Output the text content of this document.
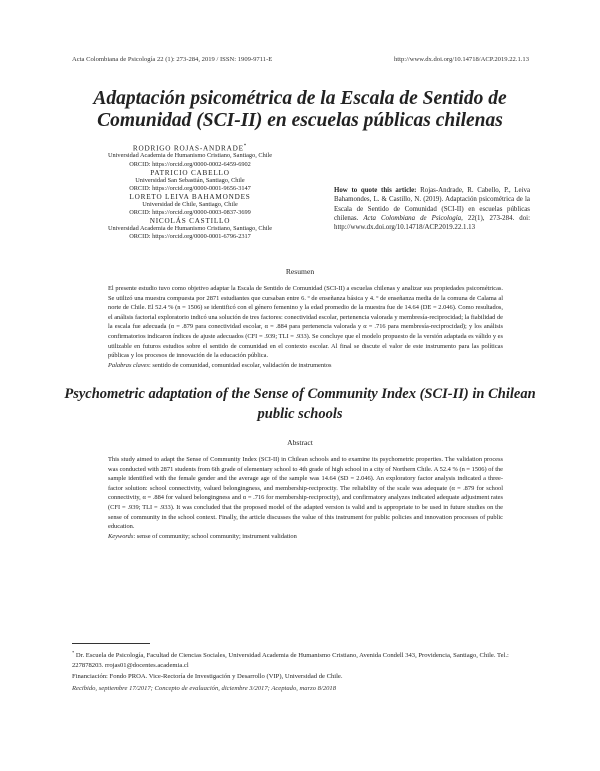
Acta Colombiana de Psicología 22 (1): 273-284, 2019 / ISSN: 1909-9711-E	http://www.dx.doi.org/10.14718/ACP.2019.22.1.13
Adaptación psicométrica de la Escala de Sentido de Comunidad (SCI-II) en escuelas públicas chilenas
RODRIGO ROJAS-ANDRADE*
Universidad Academia de Humanismo Cristiano, Santiago, Chile
ORCID: https://orcid.org/0000-0002-6459-6902
PATRICIO CABELLO
Universidad San Sebastián, Santiago, Chile
ORCID: https://orcid.org/0000-0001-9656-3147
LORETO LEIVA BAHAMONDES
Universidad de Chile, Santiago, Chile
ORCID: https://orcid.org/0000-0003-0837-3699
NICOLÁS CASTILLO
Universidad Academia de Humanismo Cristiano, Santiago, Chile
ORCID: https://orcid.org/0000-0001-6796-2317
How to quote this article: Rojas-Andrade, R. Cabello, P., Leiva Bahamondes, L. & Castillo, N. (2019). Adaptación psicométrica de la Escala de Sentido de Comunidad (SCI-II) en escuelas públicas chilenas. Acta Colombiana de Psicología, 22(1), 273-284. doi: http://www.dx.doi.org/10.14718/ACP.2019.22.1.13
Resumen
El presente estudio tuvo como objetivo adaptar la Escala de Sentido de Comunidad (SCI-II) a escuelas chilenas y analizar sus propiedades psicométricas. Se utilizó una muestra compuesta por 2871 estudiantes que cursaban entre 6. º de enseñanza básica y 4. º de enseñanza media de la comuna de Calama al norte de Chile. El 52.4 % (n = 1506) se identificó con el género femenino y la edad promedio de la muestra fue de 14.64 (DE = 2.046). Como resultados, el análisis factorial exploratorio indicó una solución de tres factores: conectividad escolar, pertenencia valorada y membresía-reciprocidad; la fiabilidad de la escala fue adecuada (α = .879 para conectividad escolar, α = .884 para pertenencia valorada y α = .716 para membresía-reciprocidad); y los análisis confirmatorios indicaron índices de ajuste adecuados (CFI = .939; TLI = .933). Se concluye que el modelo propuesto de la versión adaptada es válido y es utilizable en futuros estudios sobre el sentido de comunidad en el contexto escolar. Al final se discute el valor de este instrumento para las políticas públicas y los procesos de innovación de la educación pública.
Palabras claves: sentido de comunidad, comunidad escolar, validación de instrumentos
Psychometric adaptation of the Sense of Community Index (SCI-II) in Chilean public schools
Abstract
This study aimed to adapt the Sense of Community Index (SCI-II) in Chilean schools and to examine its psychometric properties. The validation process was conducted with 2871 students from 6th grade of elementary school to 4th grade of high school in a city of Northern Chile. A 52.4 % (n = 1506) of the sample identified with the female gender and the average age of the sample was 14.64 (SD = 2.046). An exploratory factor analysis indicated a three-factor solution: school connectivity, valued belongingness, and membership-reciprocity. The reliability of the scale was adequate (α = .879 for school connectivity, α = .884 for valued belongingness and α = .716 for membership-reciprocity), and confirmatory analyzes indicated adequate adjustment rates (CFI = .939; TLI = .933). It was concluded that the proposed model of the adapted version is valid and is appropriate to be used in future studies on the sense of community in the school context. Finally, the article discusses the value of this instrument for public policies and innovation processes of public education.
Keywords: sense of community; school community; instrument validation
* Dr. Escuela de Psicología, Facultad de Ciencias Sociales, Universidad Academia de Humanismo Cristiano, Avenida Condell 343, Providencia, Santiago, Chile. Tel.: 227878203. rrojas01@docentes.academia.cl
Financiación: Fondo PROA. Vice-Rectoría de Investigación y Desarrollo (VIP), Universidad de Chile.
Recibido, septiembre 17/2017; Concepto de evaluación, diciembre 3/2017; Aceptado, marzo 8/2018
